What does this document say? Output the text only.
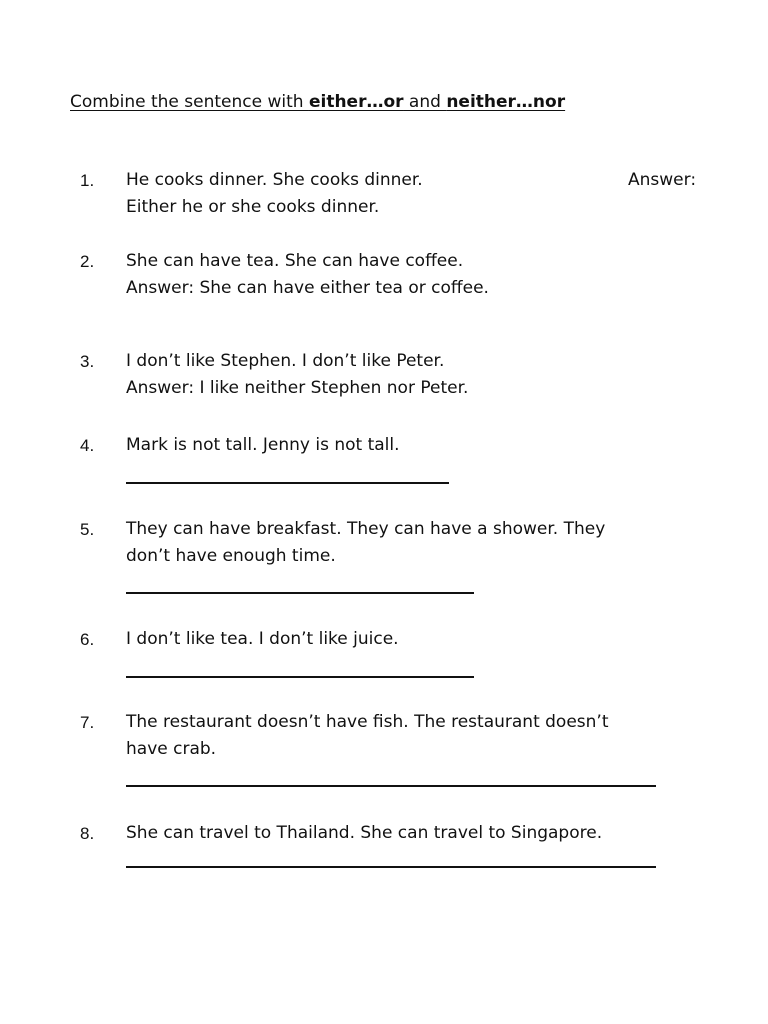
Combine the sentence with either…or and neither…nor
1. He cooks dinner. She cooks dinner.
Either he or she cooks dinner.
Answer:
2. She can have tea. She can have coffee.
Answer: She can have either tea or coffee.
3. I don’t like Stephen. I don’t like Peter.
Answer: I like neither Stephen nor Peter.
4. Mark is not tall. Jenny is not tall.
5. They can have breakfast. They can have a shower. They
don’t have enough time.
6. I don’t like tea. I don’t like juice.
7. The restaurant doesn’t have fish. The restaurant doesn’t
have crab.
8. She can travel to Thailand. She can travel to Singapore.
